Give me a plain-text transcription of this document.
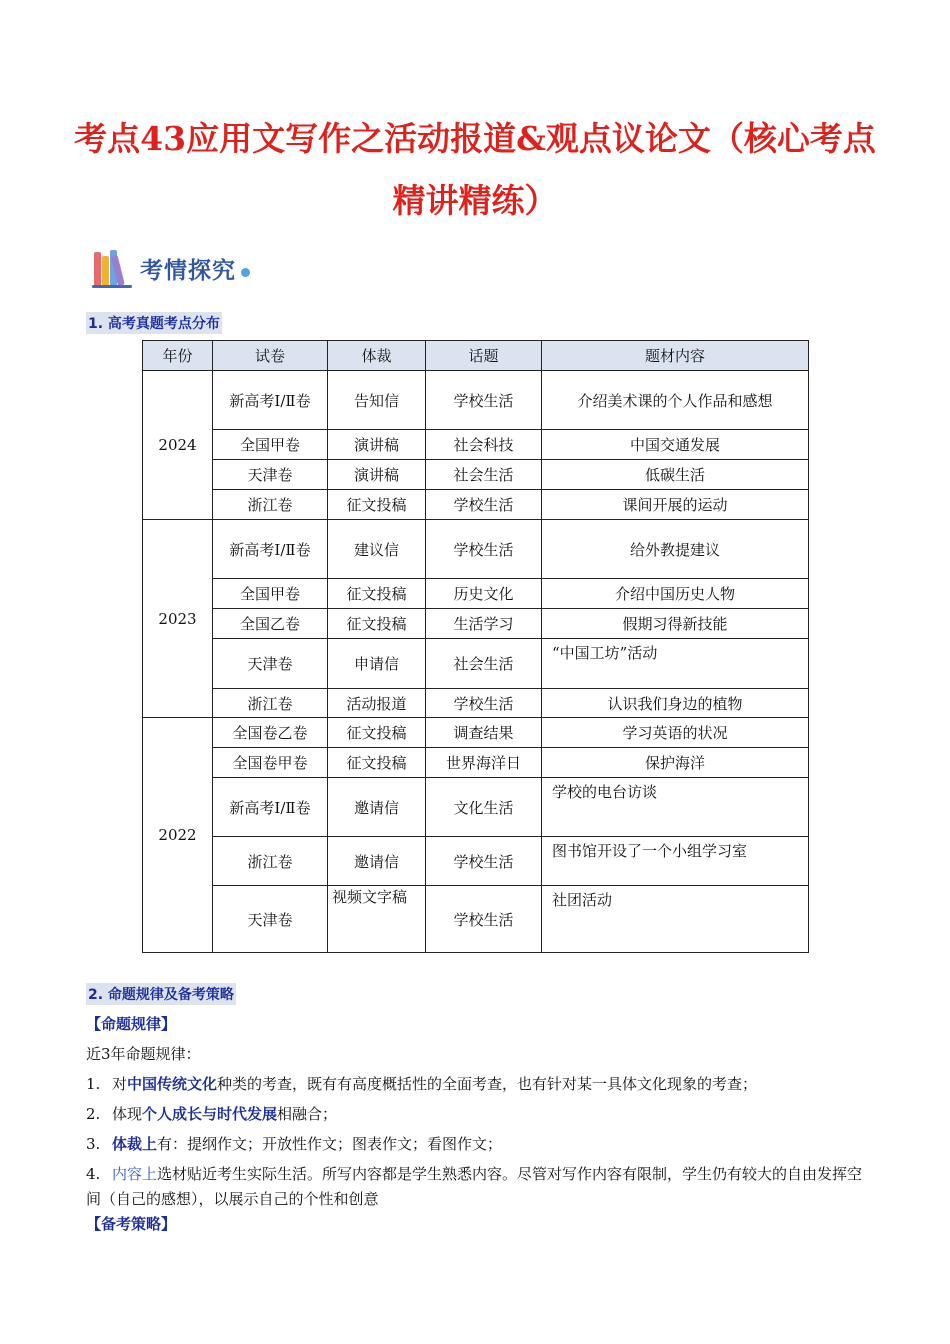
考点43应用文写作之活动报道&观点议论文（核心考点精讲精练）
考情探究
1. 高考真题考点分布
年份	试卷	体裁	话题	题材内容
2024	新高考Ⅰ/Ⅱ卷	告知信	学校生活	介绍美术课的个人作品和感想
	全国甲卷	演讲稿	社会科技	中国交通发展
	天津卷	演讲稿	社会生活	低碳生活
	浙江卷	征文投稿	学校生活	课间开展的运动
2023	新高考Ⅰ/Ⅱ卷	建议信	学校生活	给外教提建议
	全国甲卷	征文投稿	历史文化	介绍中国历史人物
	全国乙卷	征文投稿	生活学习	假期习得新技能
	天津卷	申请信	社会生活	“中国工坊”活动
	浙江卷	活动报道	学校生活	认识我们身边的植物
2022	全国卷乙卷	征文投稿	调查结果	学习英语的状况
	全国卷甲卷	征文投稿	世界海洋日	保护海洋
	新高考Ⅰ/Ⅱ卷	邀请信	文化生活	学校的电台访谈
	浙江卷	邀请信	学校生活	图书馆开设了一个小组学习室
	天津卷	视频文字稿	学校生活	社团活动
2. 命题规律及备考策略
【命题规律】
近3年命题规律：
1. 对中国传统文化种类的考查，既有有高度概括性的全面考查，也有针对某一具体文化现象的考查；
2. 体现个人成长与时代发展相融合；
3. 体裁上有：提纲作文；开放性作文；图表作文；看图作文；
4. 内容上选材贴近考生实际生活。所写内容都是学生熟悉内容。尽管对写作内容有限制，学生仍有较大的自由发挥空间（自己的感想），以展示自己的个性和创意
【备考策略】
